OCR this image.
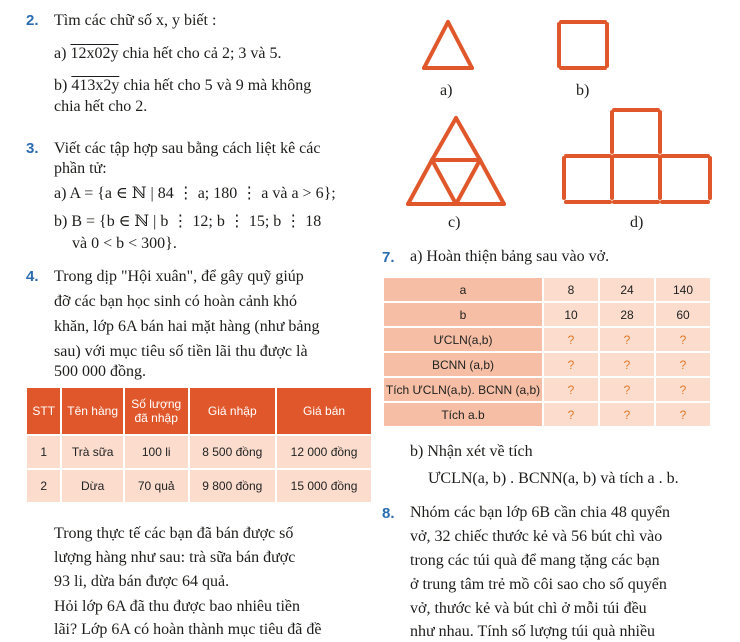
2. Tìm các chữ số x, y biết :
a) 12x02y chia hết cho cả 2; 3 và 5.
b) 413x2y chia hết cho 5 và 9 mà không
chia hết cho 2.
3. Viết các tập hợp sau bằng cách liệt kê các
phần tử:
a) A = {a ∈ ℕ | 84 ⋮ a; 180 ⋮ a và a > 6};
b) B = {b ∈ ℕ | b ⋮ 12; b ⋮ 15; b ⋮ 18
và 0 < b < 300}.
4. Trong dịp "Hội xuân", để gây quỹ giúp
đỡ các bạn học sinh có hoàn cảnh khó
khăn, lớp 6A bán hai mặt hàng (như bảng
sau) với mục tiêu số tiền lãi thu được là
500 000 đồng.
STT	Tên hàng	Số lượng đã nhập	Giá nhập	Giá bán
1	Trà sữa	100 li	8 500 đồng	12 000 đồng
2	Dừa	70 quả	9 800 đồng	15 000 đồng
Trong thực tế các bạn đã bán được số
lượng hàng như sau: trà sữa bán được
93 li, dừa bán được 64 quả.
Hỏi lớp 6A đã thu được bao nhiêu tiền
lãi? Lớp 6A có hoàn thành mục tiêu đã đề
a)	b)
c)	d)
7. a) Hoàn thiện bảng sau vào vở.
a	8	24	140
b	10	28	60
ƯCLN(a,b)	?	?	?
BCNN (a,b)	?	?	?
Tích ƯCLN(a,b). BCNN (a,b)	?	?	?
Tích a.b	?	?	?
b) Nhận xét về tích
ƯCLN(a, b) . BCNN(a, b) và tích a . b.
8. Nhóm các bạn lớp 6B cần chia 48 quyển
vở, 32 chiếc thước kẻ và 56 bút chì vào
trong các túi quà để mang tặng các bạn
ở trung tâm trẻ mồ côi sao cho số quyển
vở, thước kẻ và bút chì ở mỗi túi đều
như nhau. Tính số lượng túi quà nhiều
